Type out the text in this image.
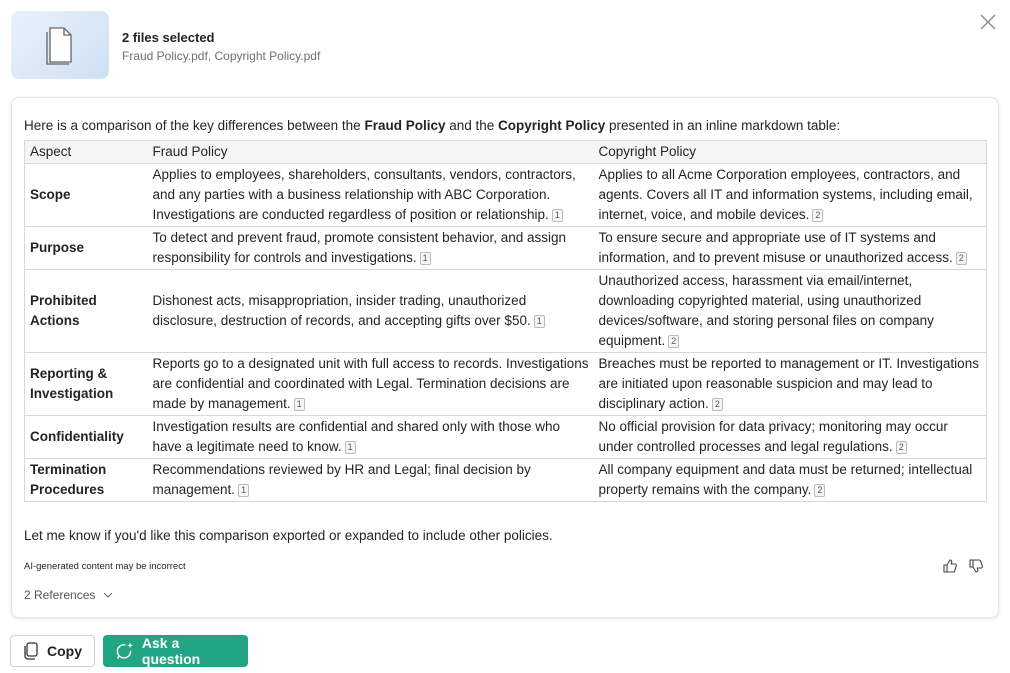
2 files selected
Fraud Policy.pdf, Copyright Policy.pdf
Here is a comparison of the key differences between the Fraud Policy and the Copyright Policy presented in an inline markdown table:
Aspect	Fraud Policy	Copyright Policy
Scope	Applies to employees, shareholders, consultants, vendors, contractors, and any parties with a business relationship with ABC Corporation. Investigations are conducted regardless of position or relationship. 1	Applies to all Acme Corporation employees, contractors, and agents. Covers all IT and information systems, including email, internet, voice, and mobile devices. 2
Purpose	To detect and prevent fraud, promote consistent behavior, and assign responsibility for controls and investigations. 1	To ensure secure and appropriate use of IT systems and information, and to prevent misuse or unauthorized access. 2
Prohibited Actions	Dishonest acts, misappropriation, insider trading, unauthorized disclosure, destruction of records, and accepting gifts over $50. 1	Unauthorized access, harassment via email/internet, downloading copyrighted material, using unauthorized devices/software, and storing personal files on company equipment. 2
Reporting & Investigation	Reports go to a designated unit with full access to records. Investigations are confidential and coordinated with Legal. Termination decisions are made by management. 1	Breaches must be reported to management or IT. Investigations are initiated upon reasonable suspicion and may lead to disciplinary action. 2
Confidentiality	Investigation results are confidential and shared only with those who have a legitimate need to know. 1	No official provision for data privacy; monitoring may occur under controlled processes and legal regulations. 2
Termination Procedures	Recommendations reviewed by HR and Legal; final decision by management. 1	All company equipment and data must be returned; intellectual property remains with the company. 2
Let me know if you'd like this comparison exported or expanded to include other policies.
AI-generated content may be incorrect
2 References
Copy	Ask a question
